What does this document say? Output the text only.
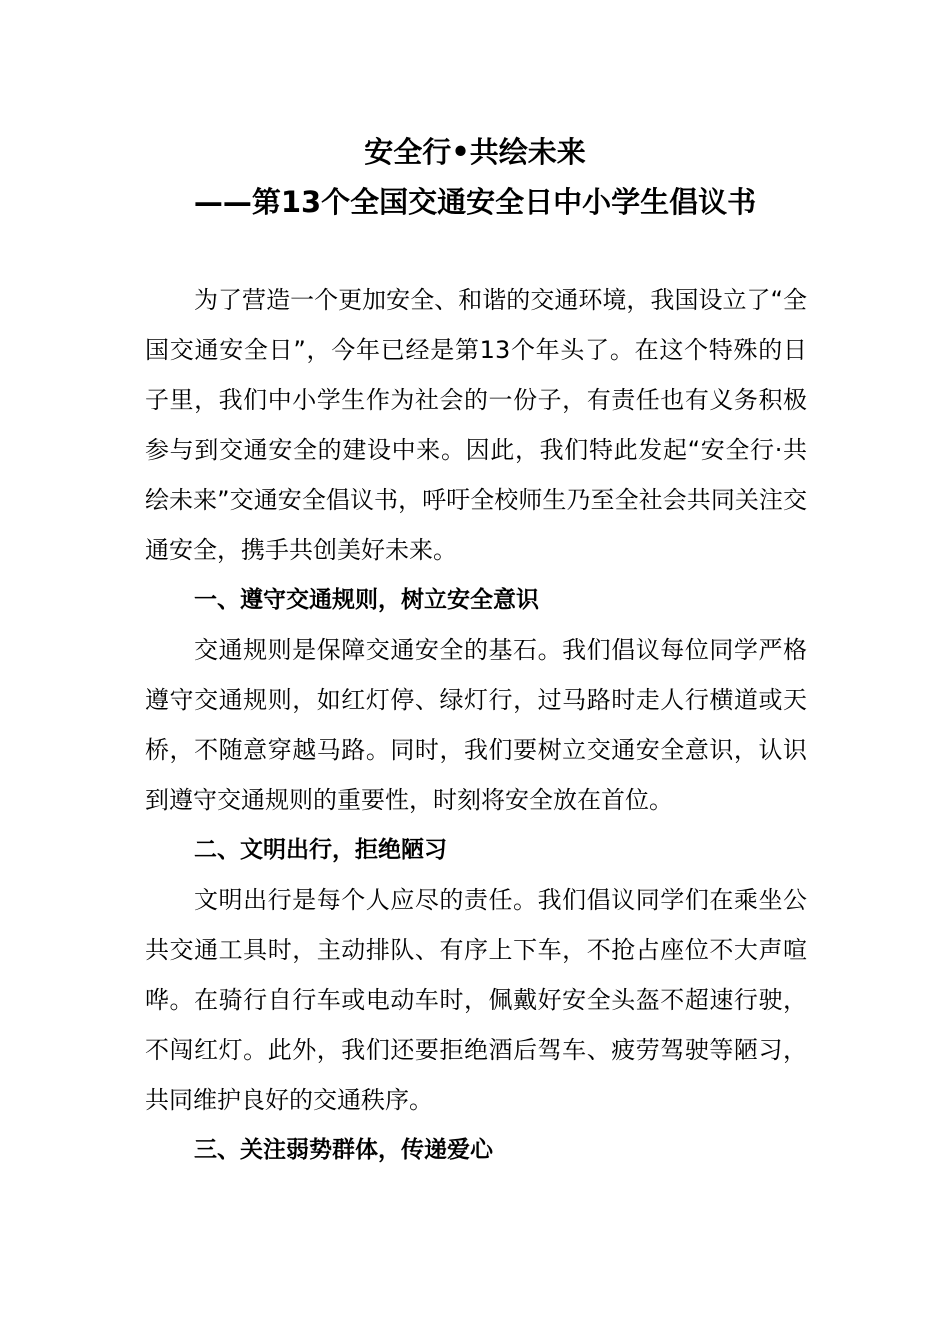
安全行•共绘未来
——第13个全国交通安全日中小学生倡议书

为了营造一个更加安全、和谐的交通环境，我国设立了“全国交通安全日”，今年已经是第13个年头了。在这个特殊的日子里，我们中小学生作为社会的一份子，有责任也有义务积极参与到交通安全的建设中来。因此，我们特此发起“安全行·共绘未来”交通安全倡议书，呼吁全校师生乃至全社会共同关注交通安全，携手共创美好未来。

一、遵守交通规则，树立安全意识

交通规则是保障交通安全的基石。我们倡议每位同学严格遵守交通规则，如红灯停、绿灯行，过马路时走人行横道或天桥，不随意穿越马路。同时，我们要树立交通安全意识，认识到遵守交通规则的重要性，时刻将安全放在首位。

二、文明出行，拒绝陋习

文明出行是每个人应尽的责任。我们倡议同学们在乘坐公共交通工具时，主动排队、有序上下车，不抢占座位不大声喧哗。在骑行自行车或电动车时，佩戴好安全头盔不超速行驶，不闯红灯。此外，我们还要拒绝酒后驾车、疲劳驾驶等陋习，共同维护良好的交通秩序。

三、关注弱势群体，传递爱心
